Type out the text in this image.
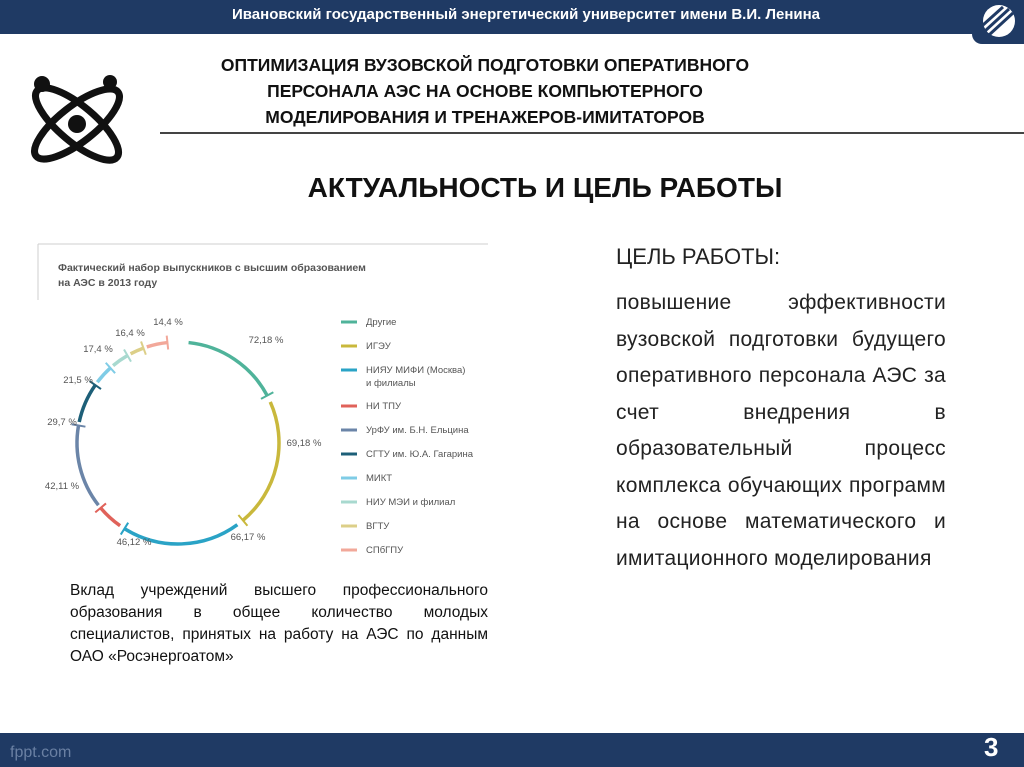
Ивановский государственный энергетический университет имени В.И. Ленина
ОПТИМИЗАЦИЯ ВУЗОВСКОЙ ПОДГОТОВКИ ОПЕРАТИВНОГО
ПЕРСОНАЛА АЭС НА ОСНОВЕ КОМПЬЮТЕРНОГО
МОДЕЛИРОВАНИЯ И ТРЕНАЖЕРОВ-ИМИТАТОРОВ
АКТУАЛЬНОСТЬ И ЦЕЛЬ РАБОТЫ
Фактический набор выпускников с высшим образованием
на АЭС в 2013 году
72,18 %
69,18 %
66,17 %
46,12 %
42,11 %
29,7 %
21,5 %
17,4 %
16,4 %
14,4 %	Другие
ИГЭУ
НИЯУ МИФИ (Москва)
и филиалы
НИ ТПУ
УрФУ им. Б.Н. Ельцина
СГТУ им. Ю.А. Гагарина
МИКТ
НИУ МЭИ и филиал
ВГТУ
СПбГПУ
Вклад учреждений высшего профессионального образования в общее количество молодых специалистов, принятых на работу на АЭС по данным ОАО «Росэнергоатом»
ЦЕЛЬ РАБОТЫ:
повышение эффективности вузовской подготовки будущего оперативного персонала АЭС за счет внедрения в образовательный процесс комплекса обучающих программ на основе математического и имитационного моделирования
fppt.com	3
